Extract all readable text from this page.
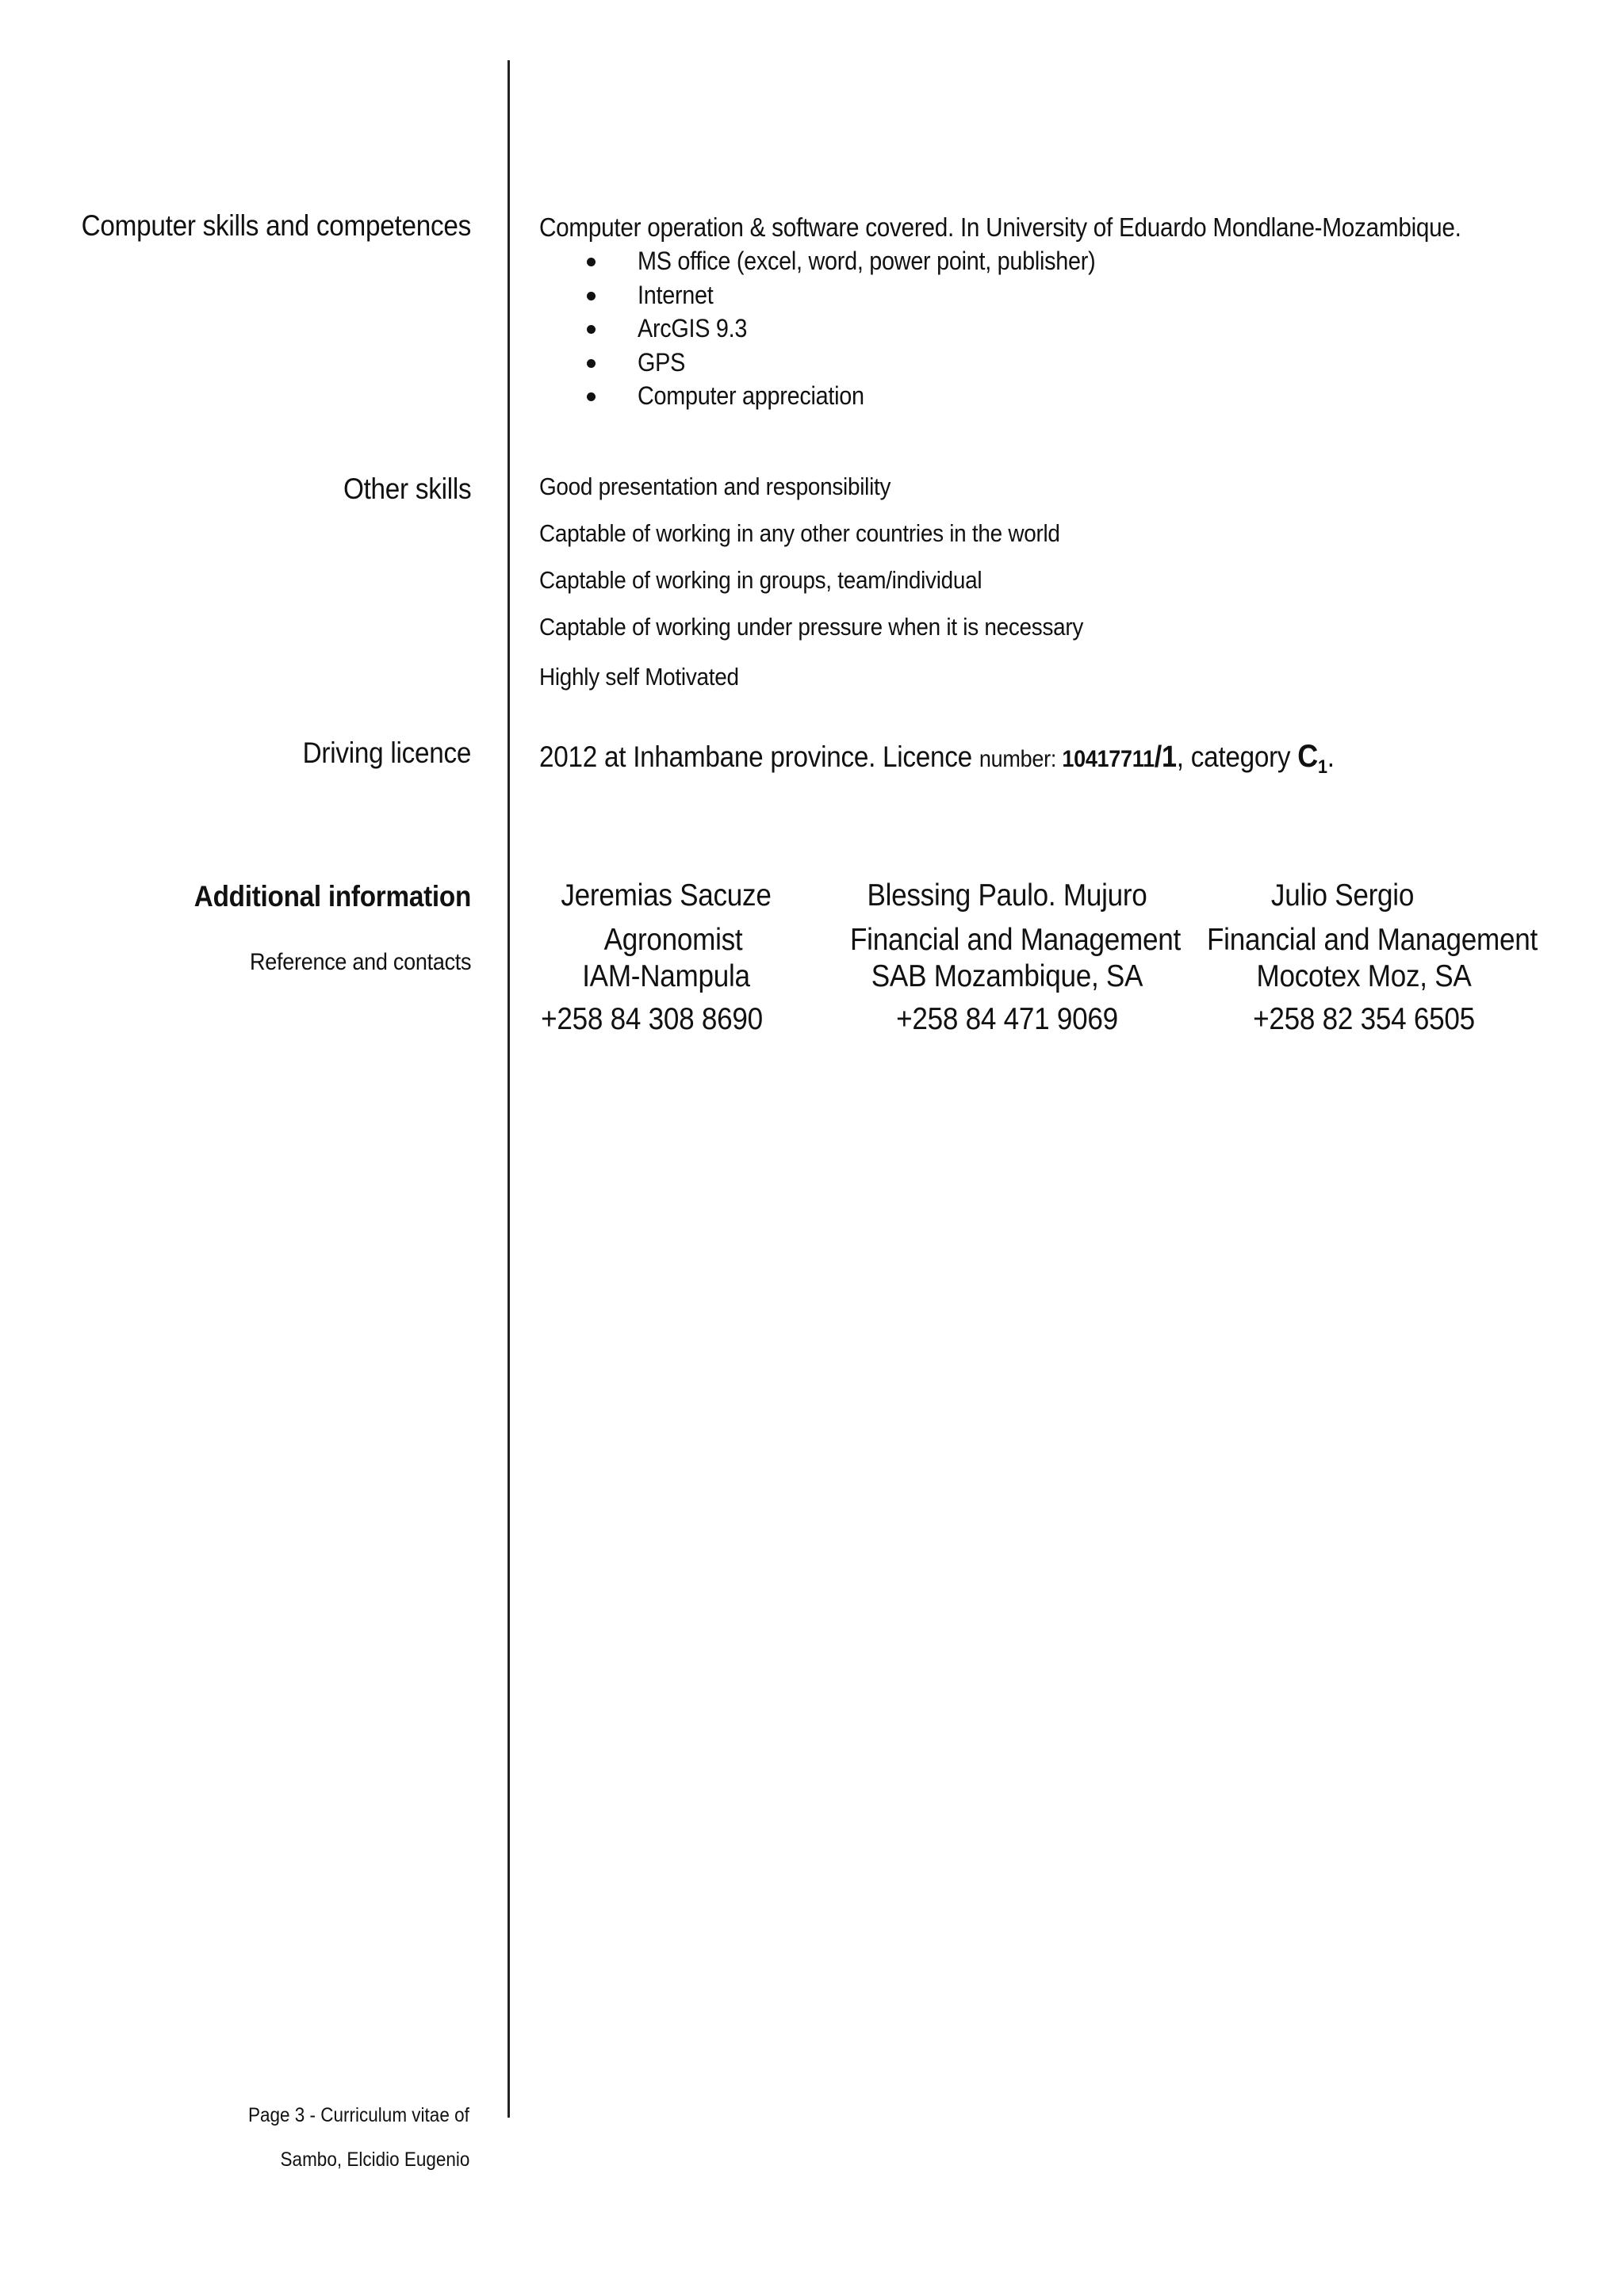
Computer skills and competences	Computer operation & software covered. In University of Eduardo Mondlane-Mozambique.
MS office (excel, word, power point, publisher)
Internet
ArcGIS 9.3
GPS
Computer appreciation
Other skills	Good presentation and responsibility
Captable of working in any other countries in the world
Captable of working in groups, team/individual
Captable of working under pressure when it is necessary
Highly self Motivated
Driving licence 2012 at Inhambane province. Licence number: 10417711/1, category $C_1$.
Additional information
Reference and contacts
Jeremias Sacuze
Agronomist
IAM-Nampula
+258 84 308 8690
Blessing Paulo. Mujuro
Financial and Management
SAB Mozambique, SA
+258 84 471 9069
Julio Sergio
Financial and Management
Mocotex Moz, SA
+258 82 354 6505
Page 3 - Curriculum vitae of
Sambo, Elcidio Eugenio
